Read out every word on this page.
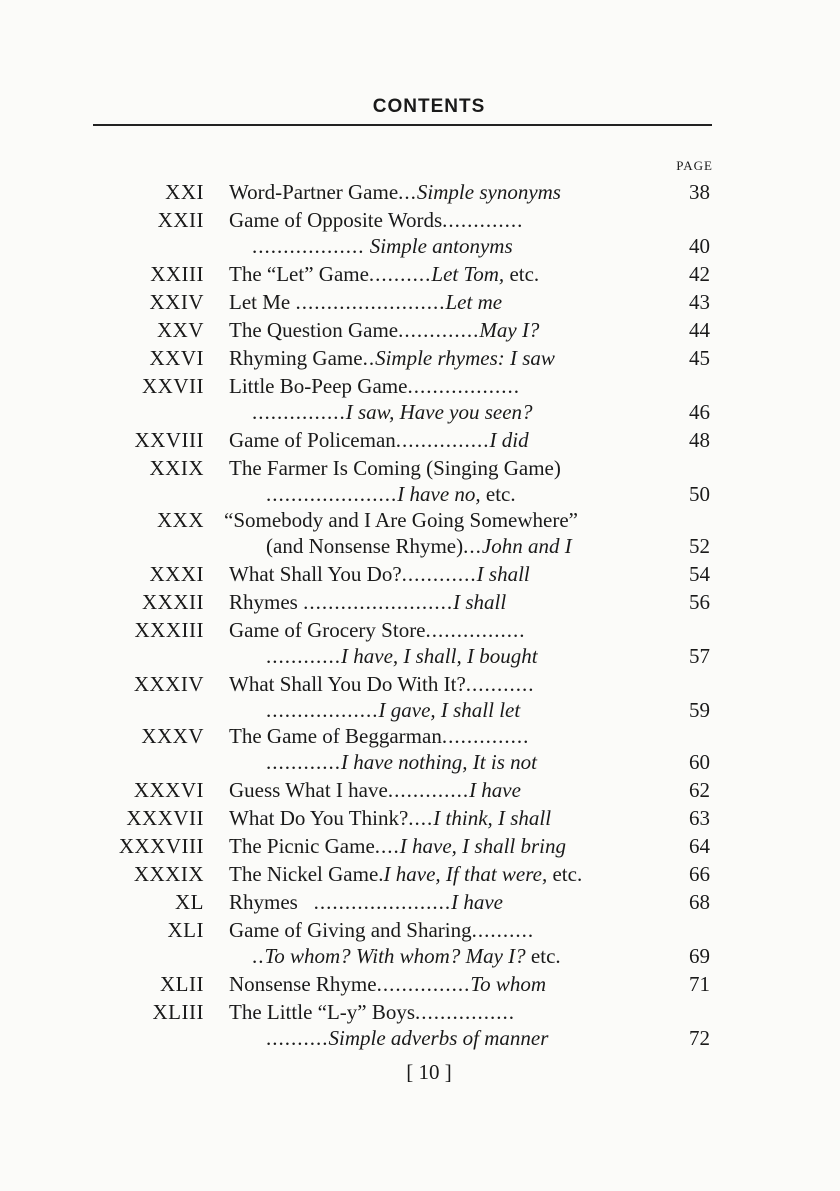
CONTENTS
PAGE
XXI Word-Partner Game...Simple synonyms	38
XXII Game of Opposite Words.............
.................. Simple antonyms	40
XXIII The “Let” Game..........Let Tom, etc.	42
XXIV Let Me ........................Let me	43
XXV The Question Game.............May I?	44
XXVI Rhyming Game..Simple rhymes: I saw	45
XXVII Little Bo-Peep Game..................
...............I saw, Have you seen?	46
XXVIII Game of Policeman...............I did	48
XXIX The Farmer Is Coming (Singing Game)
.....................I have no, etc.	50
XXX “Somebody and I Are Going Somewhere”
(and Nonsense Rhyme)...John and I	52
XXXI What Shall You Do?............I shall	54
XXXII Rhymes ........................I shall	56
XXXIII Game of Grocery Store................
............I have, I shall, I bought	57
XXXIV What Shall You Do With It?...........
..................I gave, I shall let	59
XXXV The Game of Beggarman..............
............I have nothing, It is not	60
XXXVI Guess What I have.............I have	62
XXXVII What Do You Think?....I think, I shall	63
XXXVIII The Picnic Game....I have, I shall bring	64
XXXIX The Nickel Game.I have, If that were, etc.	66
XL Rhymes ......................I have	68
XLI Game of Giving and Sharing..........
..To whom? With whom? May I? etc.	69
XLII Nonsense Rhyme...............To whom	71
XLIII The Little “L-y” Boys................
..........Simple adverbs of manner	72
[ 10 ]
